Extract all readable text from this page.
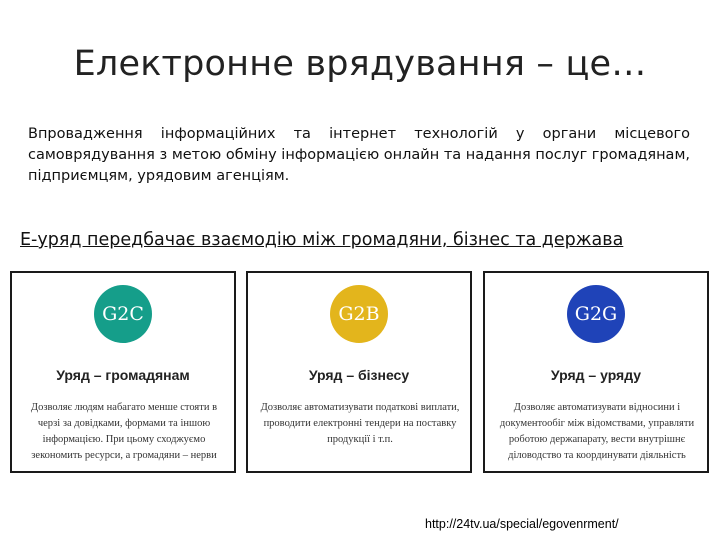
Електронне врядування – це…
Впровадження інформаційних та інтернет технологій у органи місцевого самоврядування з метою обміну інформацією онлайн та надання послуг громадянам, підприємцям, урядовим агенціям.
Е-уряд передбачає взаємодію між громадяни, бізнес та держава
G2C
Уряд – громадянам
Дозволяє людям набагато менше стояти в черзі за довідками, формами та іншою інформацією. При цьому сходжуємо зекономить ресурси, а громадяни – нерви
G2B
Уряд – бізнесу
Дозволяє автоматизувати податкові виплати, проводити електронні тендери на поставку продукції і т.п.
G2G
Уряд – уряду
Дозволяє автоматизувати відносини і документообіг між відомствами, управляти роботою держапарату, вести внутрішнє діловодство та координувати діяльність
http://24tv.ua/special/egovenrment/
